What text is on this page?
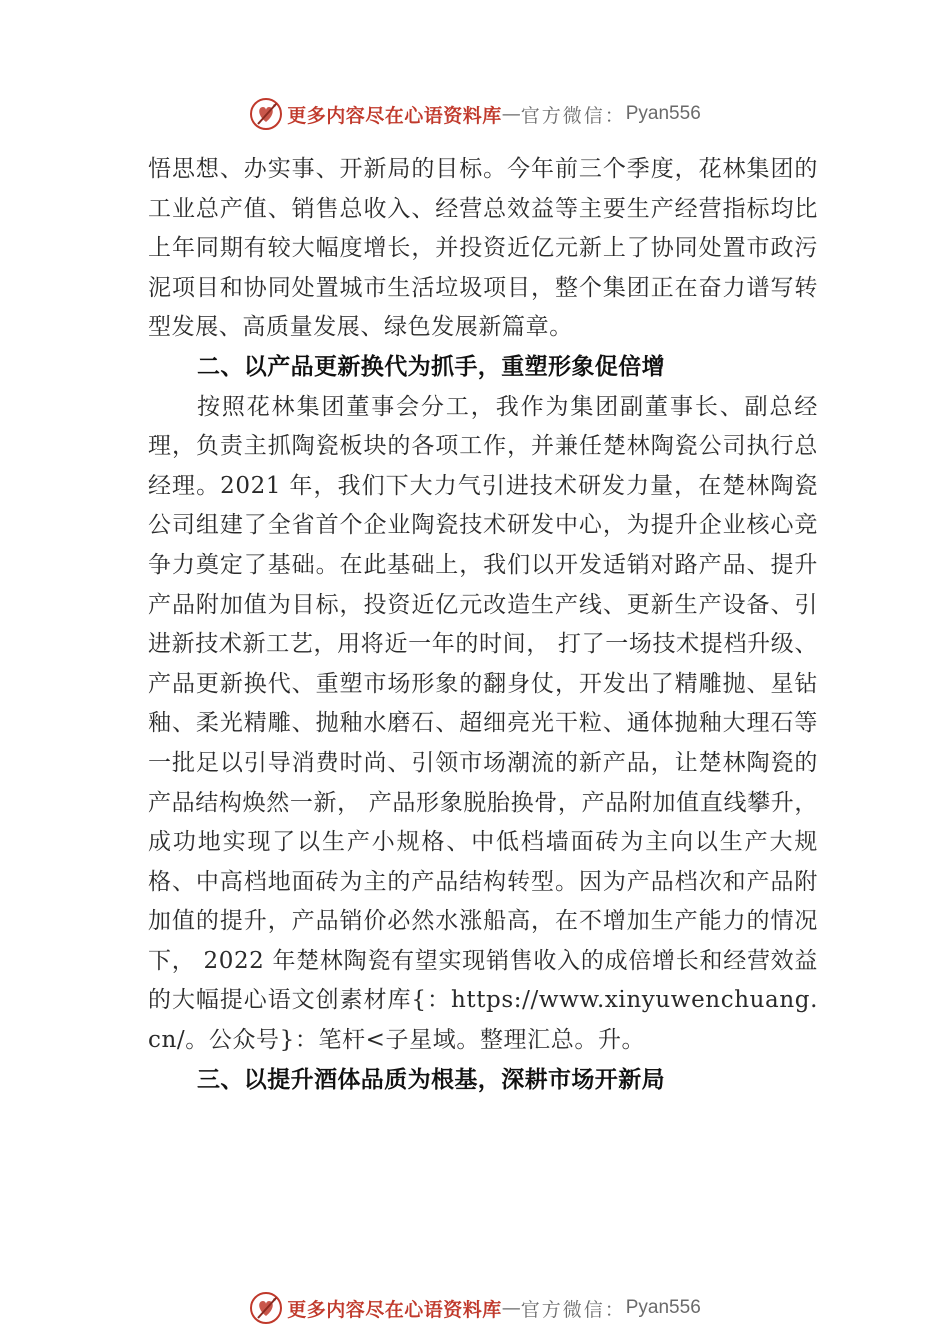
更多内容尽在心语资料库 — 官方微信： Pyan556

悟思想、办实事、开新局的目标。今年前三个季度，花林集团的工业总产值、销售总收入、经营总效益等主要生产经营指标均比上年同期有较大幅度增长，并投资近亿元新上了协同处置市政污泥项目和协同处置城市生活垃圾项目，整个集团正在奋力谱写转型发展、高质量发展、绿色发展新篇章。

二、以产品更新换代为抓手，重塑形象促倍增

按照花林集团董事会分工，我作为集团副董事长、副总经理，负责主抓陶瓷板块的各项工作，并兼任楚林陶瓷公司执行总经理。2021 年，我们下大力气引进技术研发力量，在楚林陶瓷公司组建了全省首个企业陶瓷技术研发中心，为提升企业核心竞争力奠定了基础。在此基础上，我们以开发适销对路产品、提升产品附加值为目标，投资近亿元改造生产线、更新生产设备、引进新技术新工艺，用将近一年的时间， 打了一场技术提档升级、产品更新换代、重塑市场形象的翻身仗，开发出了精雕抛、星钻釉、柔光精雕、抛釉水磨石、超细亮光干粒、通体抛釉大理石等一批足以引导消费时尚、引领市场潮流的新产品，让楚林陶瓷的产品结构焕然一新， 产品形象脱胎换骨，产品附加值直线攀升，成功地实现了以生产小规格、中低档墙面砖为主向以生产大规格、中高档地面砖为主的产品结构转型。因为产品档次和产品附加值的提升，产品销价必然水涨船高，在不增加生产能力的情况下， 2022 年楚林陶瓷有望实现销售收入的成倍增长和经营效益的大幅提心语文创素材库{：https://www.xinyuwenchuang.cn/。公众号}：笔杆<子星域。整理汇总。升。

三、以提升酒体品质为根基，深耕市场开新局

更多内容尽在心语资料库 — 官方微信： Pyan556
